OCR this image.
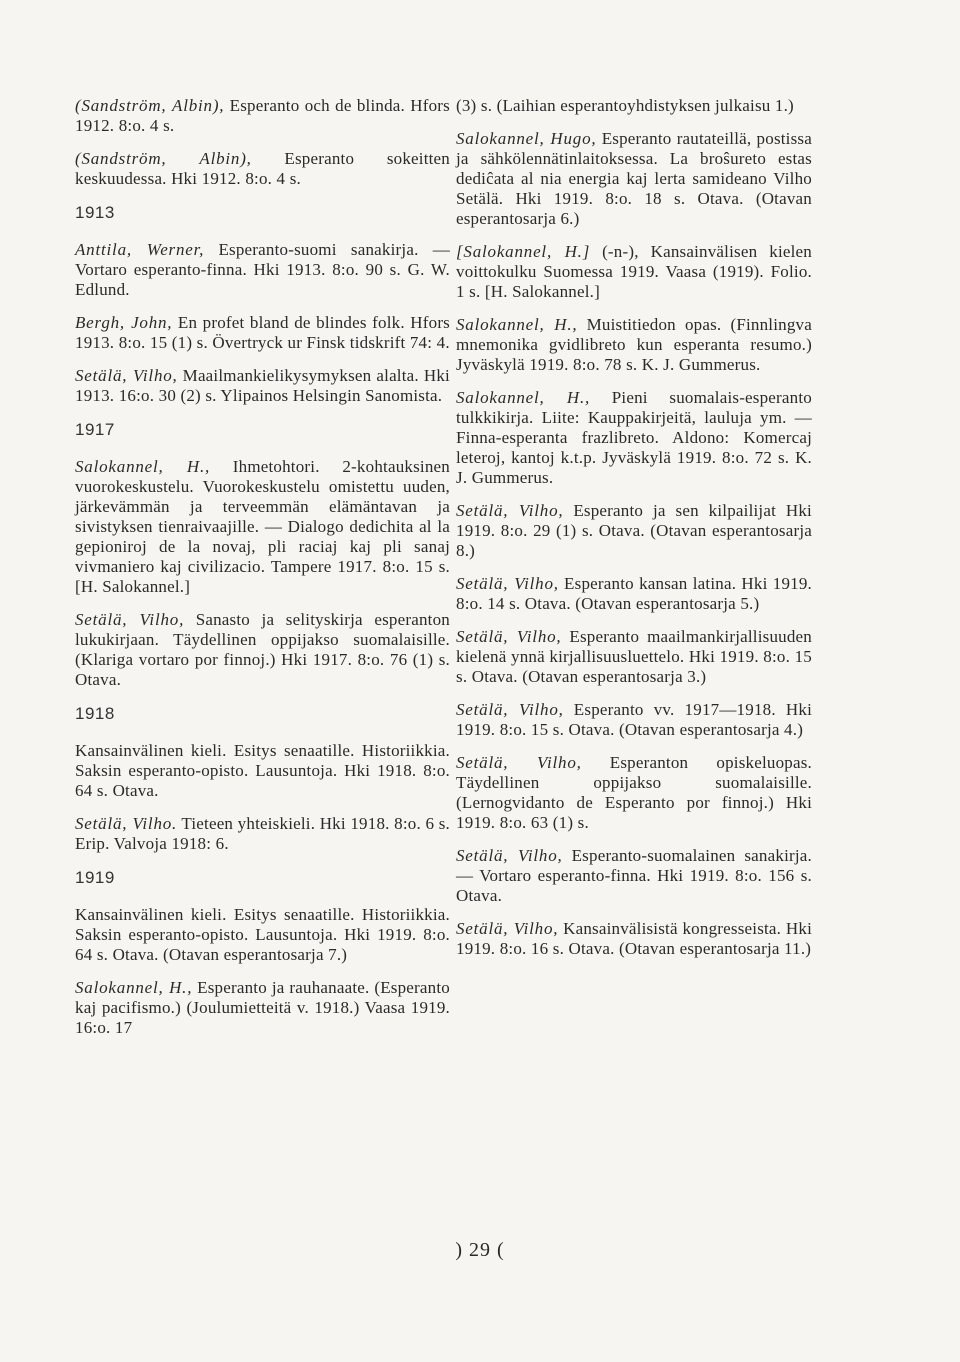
(Sandström, Albin), Esperanto och de blinda. Hfors 1912. 8:o. 4 s.

(Sandström, Albin), Esperanto sokeitten keskuudessa. Hki 1912. 8:o. 4 s.

1913

Anttila, Werner, Esperanto-suomi sanakirja. — Vortaro esperanto-finna. Hki 1913. 8:o. 90 s. G. W. Edlund.

Bergh, John, En profet bland de blindes folk. Hfors 1913. 8:o. 15 (1) s. Övertryck ur Finsk tidskrift 74: 4.

Setälä, Vilho, Maailmankielikysymyksen alalta. Hki 1913. 16:o. 30 (2) s. Ylipainos Helsingin Sanomista.

1917

Salokannel, H., Ihmetohtori. 2-kohtauksinen vuorokeskustelu. Vuorokeskustelu omistettu uuden, järkevämmän ja terveemmän elämäntavan ja sivistyksen tienraivaajille. — Dialogo dedichita al la gepioniroj de la novaj, pli raciaj kaj pli sanaj vivmaniero kaj civilizacio. Tampere 1917. 8:o. 15 s. [H. Salokannel.]

Setälä, Vilho, Sanasto ja selityskirja esperanton lukukirjaan. Täydellinen oppijakso suomalaisille. (Klariga vortaro por finnoj.) Hki 1917. 8:o. 76 (1) s. Otava.

1918

Kansainvälinen kieli. Esitys senaatille. Historiikkia. Saksin esperanto-opisto. Lausuntoja. Hki 1918. 8:o. 64 s. Otava.

Setälä, Vilho. Tieteen yhteiskieli. Hki 1918. 8:o. 6 s. Erip. Valvoja 1918: 6.

1919

Kansainvälinen kieli. Esitys senaatille. Historiikkia. Saksin esperanto-opisto. Lausuntoja. Hki 1919. 8:o. 64 s. Otava. (Otavan esperantosarja 7.)

Salokannel, H., Esperanto ja rauhanaate. (Esperanto kaj pacifismo.) (Joulumietteitä v. 1918.) Vaasa 1919. 16:o. 17

(3) s. (Laihian esperantoyhdistyksen julkaisu 1.)

Salokannel, Hugo, Esperanto rautateillä, postissa ja sähkölennätinlaitoksessa. La broŝureto estas dediĉata al nia energia kaj lerta samideano Vilho Setälä. Hki 1919. 8:o. 18 s. Otava. (Otavan esperantosarja 6.)

[Salokannel, H.] (-n-), Kansainvälisen kielen voittokulku Suomessa 1919. Vaasa (1919). Folio. 1 s. [H. Salokannel.]

Salokannel, H., Muistitiedon opas. (Finnlingva mnemonika gvidlibreto kun esperanta resumo.) Jyväskylä 1919. 8:o. 78 s. K. J. Gummerus.

Salokannel, H., Pieni suomalais-esperanto tulkkikirja. Liite: Kauppakirjeitä, lauluja ym. — Finna-esperanta frazlibreto. Aldono: Komercaj leteroj, kantoj k.t.p. Jyväskylä 1919. 8:o. 72 s. K. J. Gummerus.

Setälä, Vilho, Esperanto ja sen kilpailijat Hki 1919. 8:o. 29 (1) s. Otava. (Otavan esperantosarja 8.)

Setälä, Vilho, Esperanto kansan latina. Hki 1919. 8:o. 14 s. Otava. (Otavan esperantosarja 5.)

Setälä, Vilho, Esperanto maailmankirjallisuuden kielenä ynnä kirjallisuusluettelo. Hki 1919. 8:o. 15 s. Otava. (Otavan esperantosarja 3.)

Setälä, Vilho, Esperanto vv. 1917—1918. Hki 1919. 8:o. 15 s. Otava. (Otavan esperantosarja 4.)

Setälä, Vilho, Esperanton opiskeluopas. Täydellinen oppijakso suomalaisille. (Lernogvidanto de Esperanto por finnoj.) Hki 1919. 8:o. 63 (1) s.

Setälä, Vilho, Esperanto-suomalainen sanakirja. — Vortaro esperanto-finna. Hki 1919. 8:o. 156 s. Otava.

Setälä, Vilho, Kansainvälisistä kongresseista. Hki 1919. 8:o. 16 s. Otava. (Otavan esperantosarja 11.)

) 29 (
